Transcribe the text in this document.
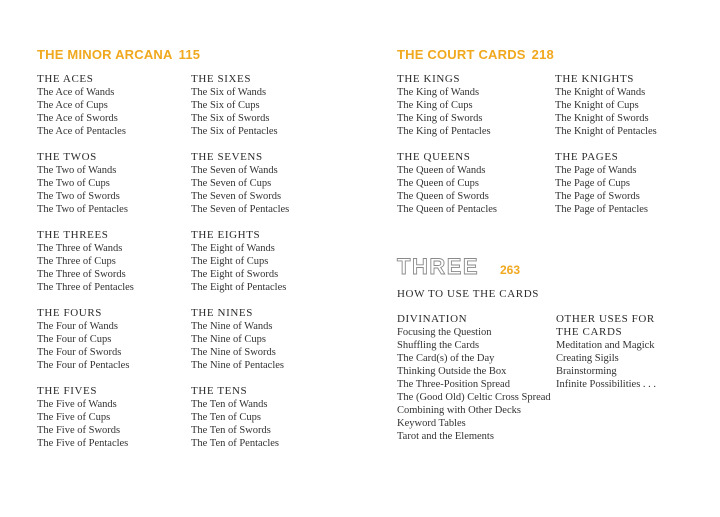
THE MINOR ARCANA 115
THE ACES
The Ace of Wands
The Ace of Cups
The Ace of Swords
The Ace of Pentacles
THE TWOS
The Two of Wands
The Two of Cups
The Two of Swords
The Two of Pentacles
THE THREES
The Three of Wands
The Three of Cups
The Three of Swords
The Three of Pentacles
THE FOURS
The Four of Wands
The Four of Cups
The Four of Swords
The Four of Pentacles
THE FIVES
The Five of Wands
The Five of Cups
The Five of Swords
The Five of Pentacles
THE SIXES
The Six of Wands
The Six of Cups
The Six of Swords
The Six of Pentacles
THE SEVENS
The Seven of Wands
The Seven of Cups
The Seven of Swords
The Seven of Pentacles
THE EIGHTS
The Eight of Wands
The Eight of Cups
The Eight of Swords
The Eight of Pentacles
THE NINES
The Nine of Wands
The Nine of Cups
The Nine of Swords
The Nine of Pentacles
THE TENS
The Ten of Wands
The Ten of Cups
The Ten of Swords
The Ten of Pentacles
THE COURT CARDS 218
THE KINGS
The King of Wands
The King of Cups
The King of Swords
The King of Pentacles
THE QUEENS
The Queen of Wands
The Queen of Cups
The Queen of Swords
The Queen of Pentacles
THE KNIGHTS
The Knight of Wands
The Knight of Cups
The Knight of Swords
The Knight of Pentacles
THE PAGES
The Page of Wands
The Page of Cups
The Page of Swords
The Page of Pentacles
THREE 263
HOW TO USE THE CARDS
DIVINATION
Focusing the Question
Shuffling the Cards
The Card(s) of the Day
Thinking Outside the Box
The Three-Position Spread
The (Good Old) Celtic Cross Spread
Combining with Other Decks
Keyword Tables
Tarot and the Elements
OTHER USES FOR
THE CARDS
Meditation and Magick
Creating Sigils
Brainstorming
Infinite Possibilities . . .
